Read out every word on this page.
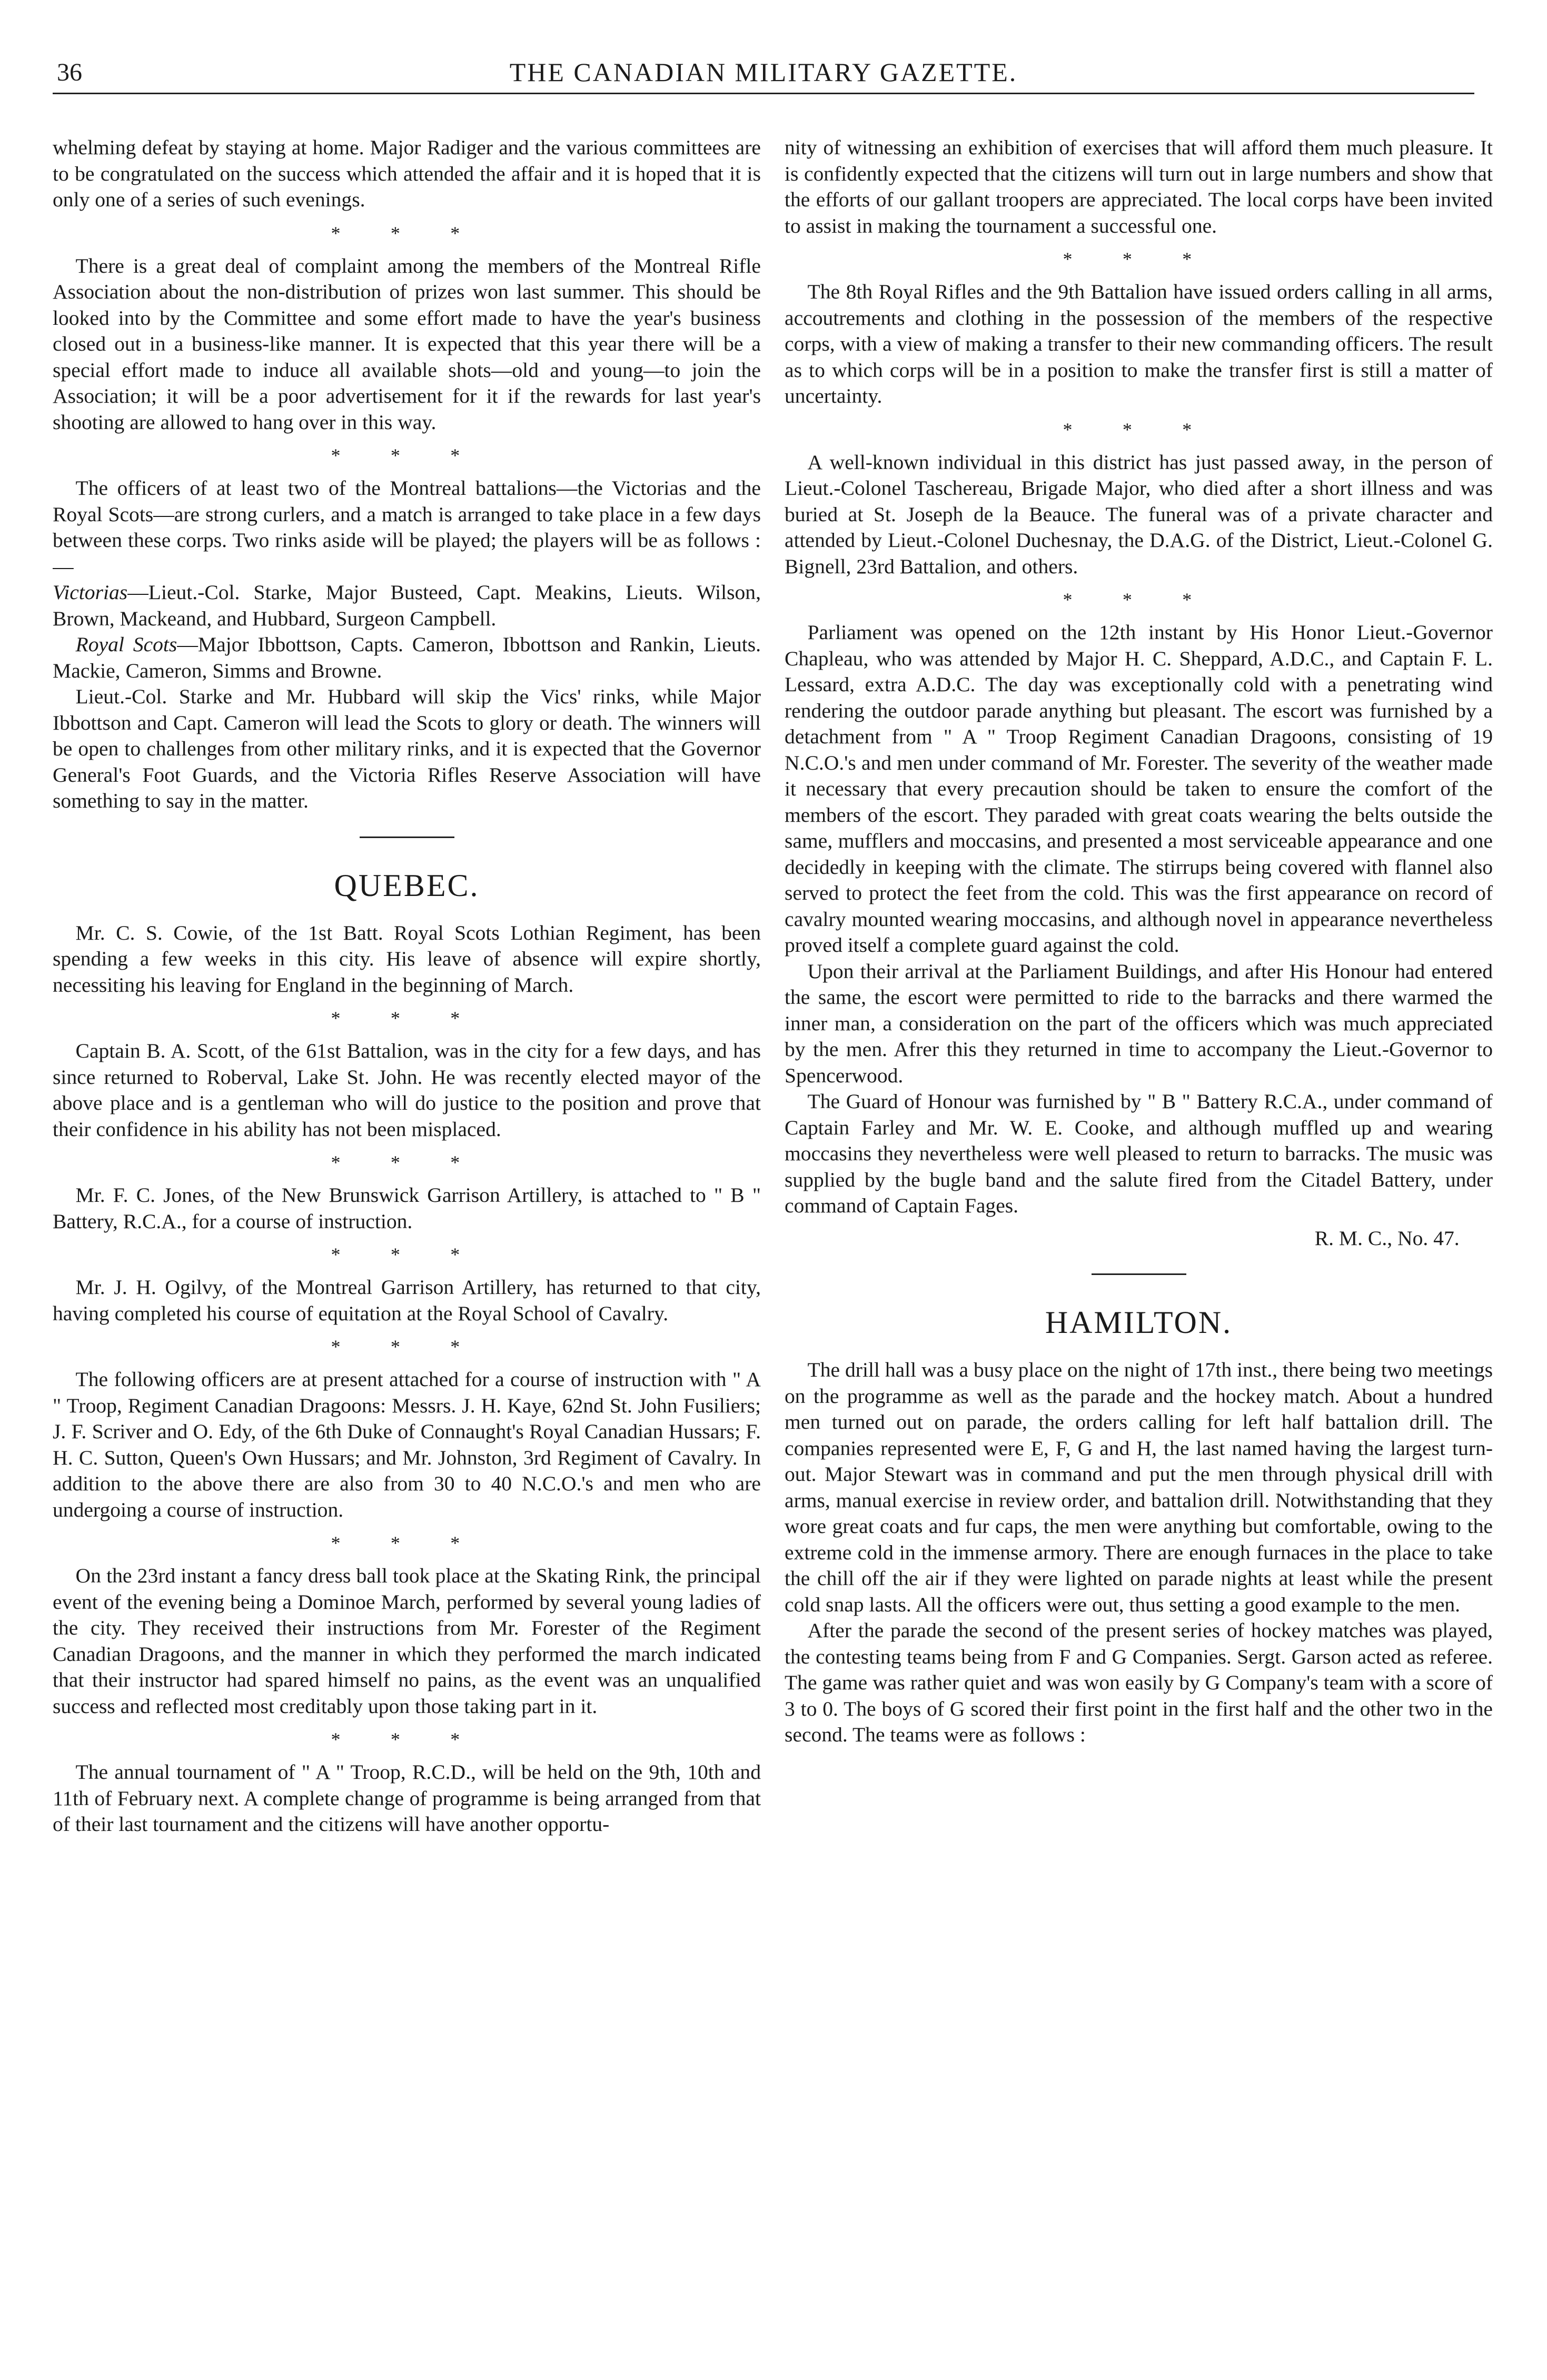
36	THE CANADIAN MILITARY GAZETTE.

whelming defeat by staying at home. Major Radiger and the various committees are to be congratulated on the success which attended the affair and it is hoped that it is only one of a series of such evenings.

* * *

There is a great deal of complaint among the members of the Montreal Rifle Association about the non-distribution of prizes won last summer. This should be looked into by the Committee and some effort made to have the year's business closed out in a business-like manner. It is expected that this year there will be a special effort made to induce all available shots—old and young—to join the Association; it will be a poor advertisement for it if the rewards for last year's shooting are allowed to hang over in this way.

* * *

The officers of at least two of the Montreal battalions—the Victorias and the Royal Scots—are strong curlers, and a match is arranged to take place in a few days between these corps. Two rinks aside will be played; the players will be as follows :—

Victorias—Lieut.-Col. Starke, Major Busteed, Capt. Meakins, Lieuts. Wilson, Brown, Mackeand, and Hubbard, Surgeon Campbell.

Royal Scots—Major Ibbottson, Capts. Cameron, Ibbottson and Rankin, Lieuts. Mackie, Cameron, Simms and Browne.

Lieut.-Col. Starke and Mr. Hubbard will skip the Vics' rinks, while Major Ibbottson and Capt. Cameron will lead the Scots to glory or death. The winners will be open to challenges from other military rinks, and it is expected that the Governor General's Foot Guards, and the Victoria Rifles Reserve Association will have something to say in the matter.

QUEBEC.

Mr. C. S. Cowie, of the 1st Batt. Royal Scots Lothian Regiment, has been spending a few weeks in this city. His leave of absence will expire shortly, necessiting his leaving for England in the beginning of March.

* * *

Captain B. A. Scott, of the 61st Battalion, was in the city for a few days, and has since returned to Roberval, Lake St. John. He was recently elected mayor of the above place and is a gentleman who will do justice to the position and prove that their confidence in his ability has not been misplaced.

* * *

Mr. F. C. Jones, of the New Brunswick Garrison Artillery, is attached to " B " Battery, R.C.A., for a course of instruction.

* * *

Mr. J. H. Ogilvy, of the Montreal Garrison Artillery, has returned to that city, having completed his course of equitation at the Royal School of Cavalry.

* * *

The following officers are at present attached for a course of instruction with " A " Troop, Regiment Canadian Dragoons: Messrs. J. H. Kaye, 62nd St. John Fusiliers; J. F. Scriver and O. Edy, of the 6th Duke of Connaught's Royal Canadian Hussars; F. H. C. Sutton, Queen's Own Hussars; and Mr. Johnston, 3rd Regiment of Cavalry. In addition to the above there are also from 30 to 40 N.C.O.'s and men who are undergoing a course of instruction.

* * *

On the 23rd instant a fancy dress ball took place at the Skating Rink, the principal event of the evening being a Dominoe March, performed by several young ladies of the city. They received their instructions from Mr. Forester of the Regiment Canadian Dragoons, and the manner in which they performed the march indicated that their instructor had spared himself no pains, as the event was an unqualified success and reflected most creditably upon those taking part in it.

* * *

The annual tournament of " A " Troop, R.C.D., will be held on the 9th, 10th and 11th of February next. A complete change of programme is being arranged from that of their last tournament and the citizens will have another opportu-

nity of witnessing an exhibition of exercises that will afford them much pleasure. It is confidently expected that the citizens will turn out in large numbers and show that the efforts of our gallant troopers are appreciated. The local corps have been invited to assist in making the tournament a successful one.

* * *

The 8th Royal Rifles and the 9th Battalion have issued orders calling in all arms, accoutrements and clothing in the possession of the members of the respective corps, with a view of making a transfer to their new commanding officers. The result as to which corps will be in a position to make the transfer first is still a matter of uncertainty.

* * *

A well-known individual in this district has just passed away, in the person of Lieut.-Colonel Taschereau, Brigade Major, who died after a short illness and was buried at St. Joseph de la Beauce. The funeral was of a private character and attended by Lieut.-Colonel Duchesnay, the D.A.G. of the District, Lieut.-Colonel G. Bignell, 23rd Battalion, and others.

* * *

Parliament was opened on the 12th instant by His Honor Lieut.-Governor Chapleau, who was attended by Major H. C. Sheppard, A.D.C., and Captain F. L. Lessard, extra A.D.C. The day was exceptionally cold with a penetrating wind rendering the outdoor parade anything but pleasant. The escort was furnished by a detachment from " A " Troop Regiment Canadian Dragoons, consisting of 19 N.C.O.'s and men under command of Mr. Forester. The severity of the weather made it necessary that every precaution should be taken to ensure the comfort of the members of the escort. They paraded with great coats wearing the belts outside the same, mufflers and moccasins, and presented a most serviceable appearance and one decidedly in keeping with the climate. The stirrups being covered with flannel also served to protect the feet from the cold. This was the first appearance on record of cavalry mounted wearing moccasins, and although novel in appearance nevertheless proved itself a complete guard against the cold.

Upon their arrival at the Parliament Buildings, and after His Honour had entered the same, the escort were permitted to ride to the barracks and there warmed the inner man, a consideration on the part of the officers which was much appreciated by the men. Afrer this they returned in time to accompany the Lieut.-Governor to Spencerwood.

The Guard of Honour was furnished by " B " Battery R.C.A., under command of Captain Farley and Mr. W. E. Cooke, and although muffled up and wearing moccasins they nevertheless were well pleased to return to barracks. The music was supplied by the bugle band and the salute fired from the Citadel Battery, under command of Captain Fages.

R. M. C., No. 47.
HAMILTON.

The drill hall was a busy place on the night of 17th inst., there being two meetings on the programme as well as the parade and the hockey match. About a hundred men turned out on parade, the orders calling for left half battalion drill. The companies represented were E, F, G and H, the last named having the largest turn-out. Major Stewart was in command and put the men through physical drill with arms, manual exercise in review order, and battalion drill. Notwithstanding that they wore great coats and fur caps, the men were anything but comfortable, owing to the extreme cold in the immense armory. There are enough furnaces in the place to take the chill off the air if they were lighted on parade nights at least while the present cold snap lasts. All the officers were out, thus setting a good example to the men.

After the parade the second of the present series of hockey matches was played, the contesting teams being from F and G Companies. Sergt. Garson acted as referee. The game was rather quiet and was won easily by G Company's team with a score of 3 to 0. The boys of G scored their first point in the first half and the other two in the second. The teams were as follows :
